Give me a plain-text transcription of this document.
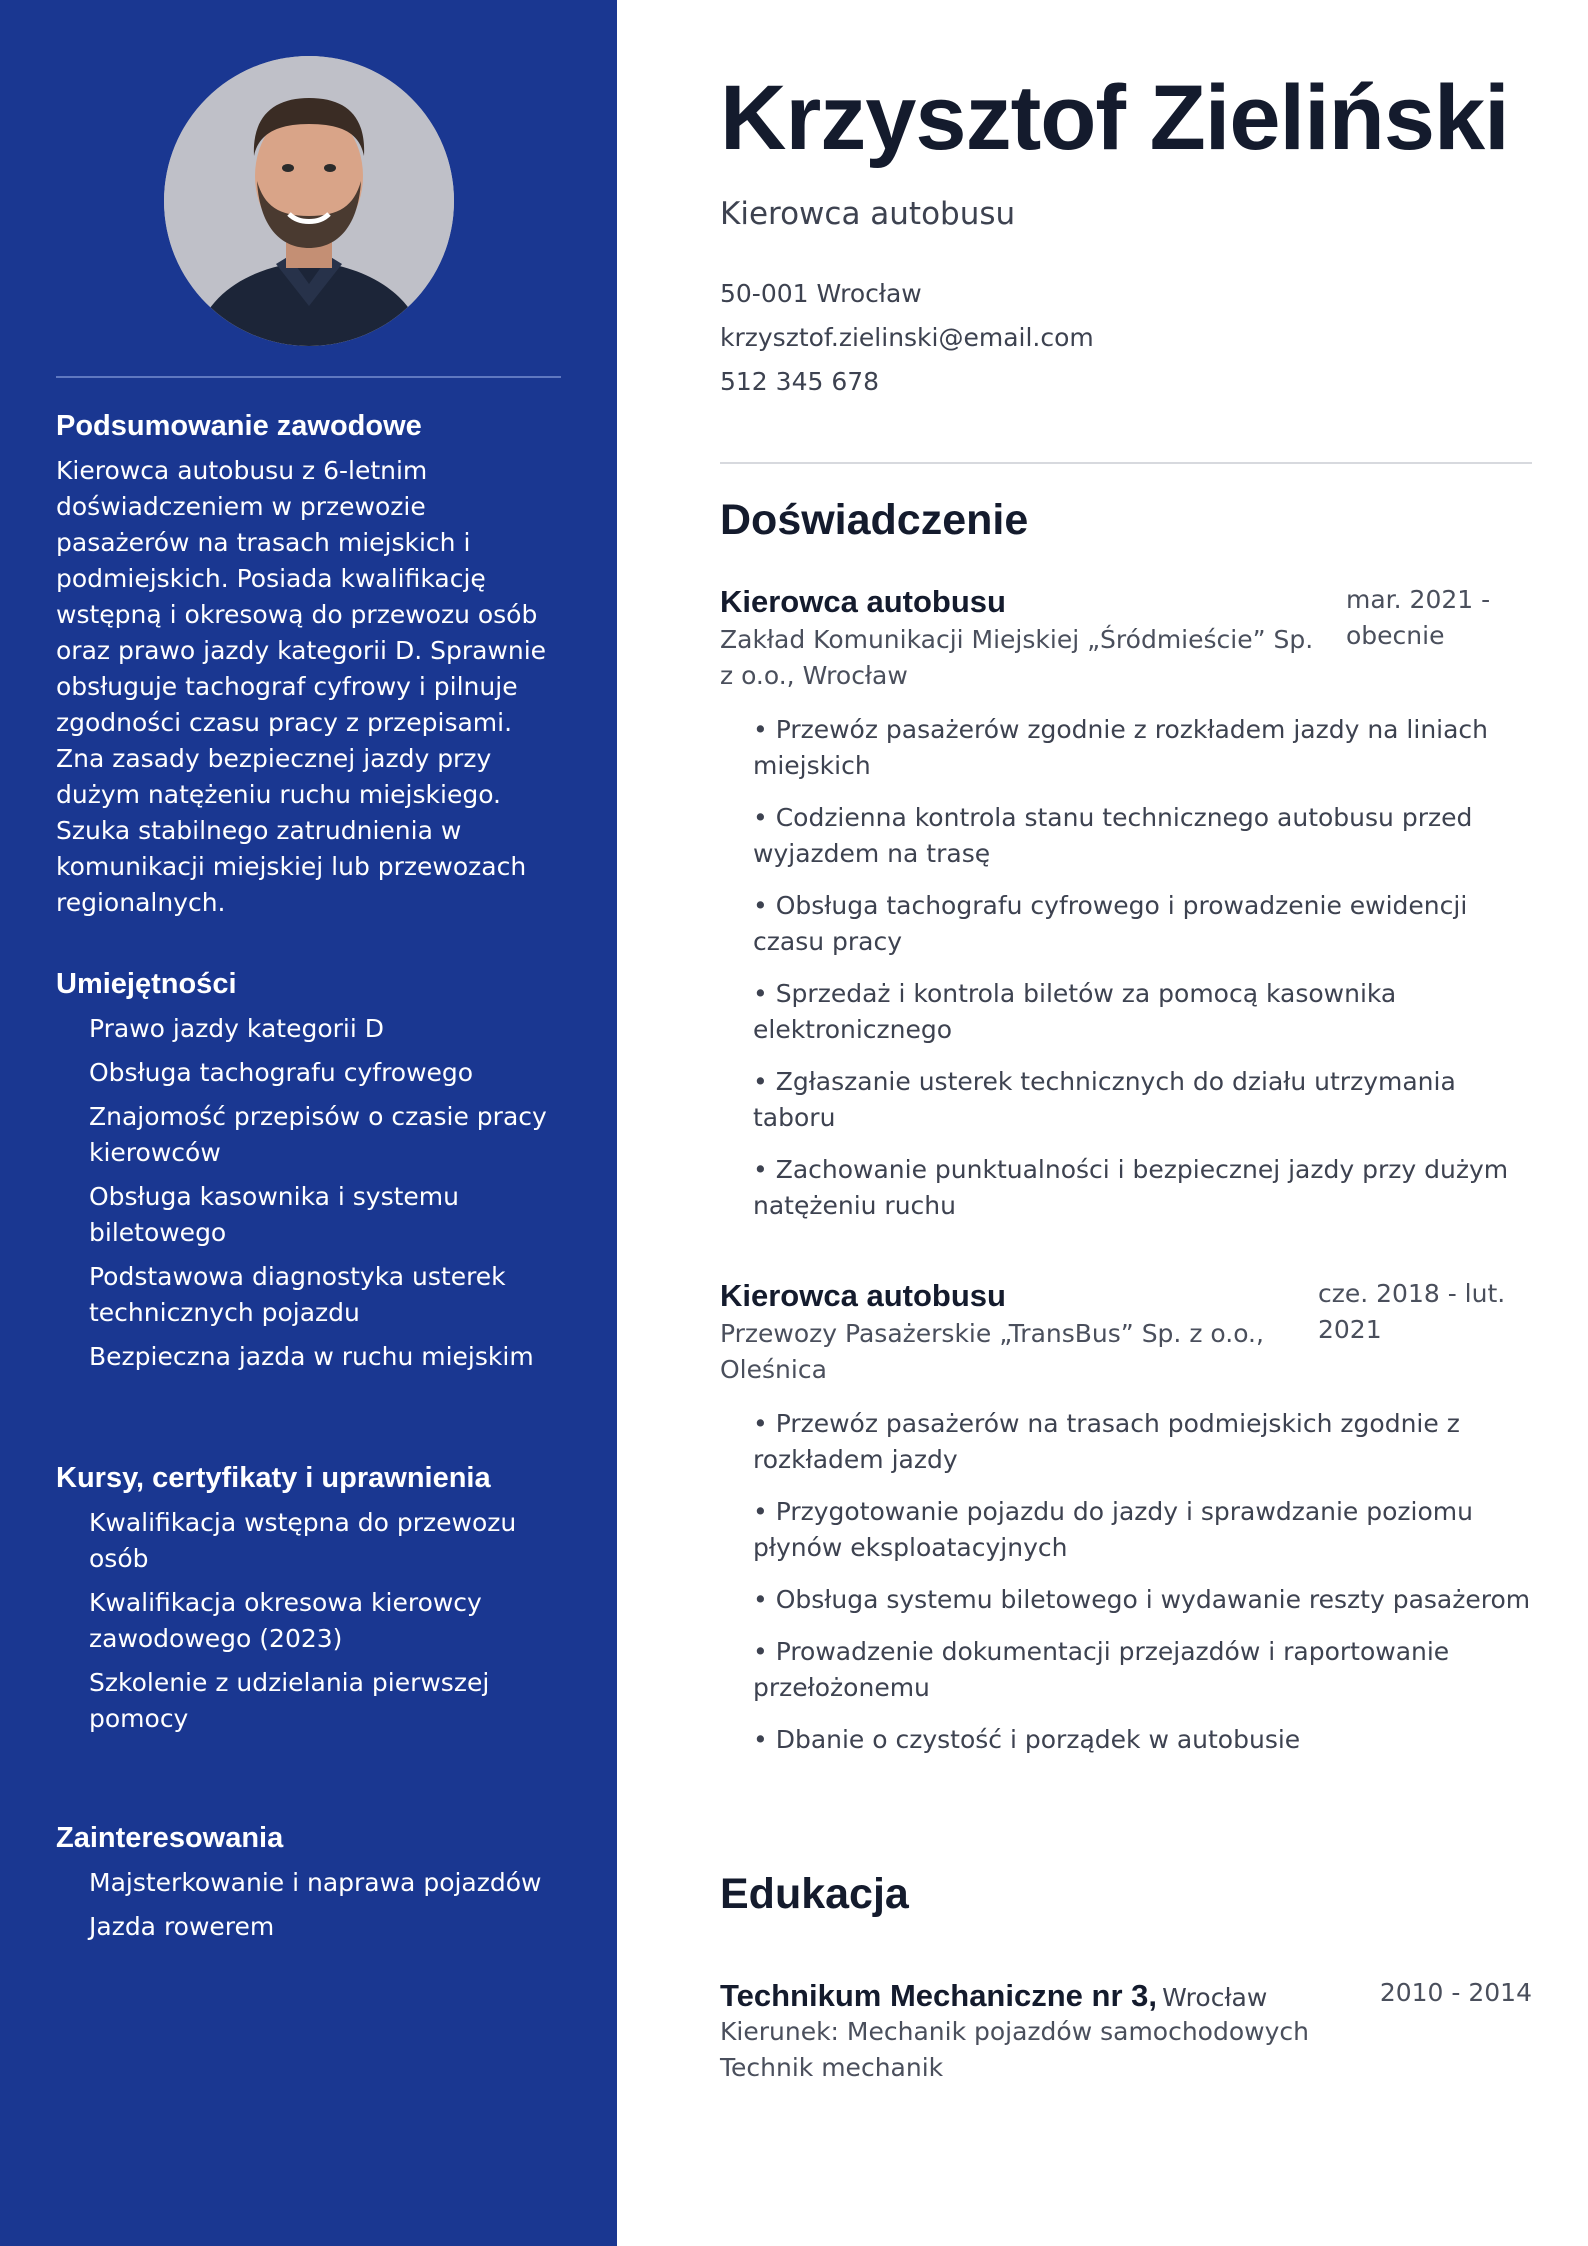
Podsumowanie zawodowe

Kierowca autobusu z 6-letnim doświadczeniem w przewozie pasażerów na trasach miejskich i podmiejskich. Posiada kwalifikację wstępną i okresową do przewozu osób oraz prawo jazdy kategorii D. Sprawnie obsługuje tachograf cyfrowy i pilnuje zgodności czasu pracy z przepisami. Zna zasady bezpiecznej jazdy przy dużym natężeniu ruchu miejskiego. Szuka stabilnego zatrudnienia w komunikacji miejskiej lub przewozach regionalnych.

Umiejętności
Prawo jazdy kategorii D
Obsługa tachografu cyfrowego
Znajomość przepisów o czasie pracy kierowców
Obsługa kasownika i systemu biletowego
Podstawowa diagnostyka usterek technicznych pojazdu
Bezpieczna jazda w ruchu miejskim
Kursy, certyfikaty i uprawnienia
Kwalifikacja wstępna do przewozu osób
Kwalifikacja okresowa kierowcy zawodowego (2023)
Szkolenie z udzielania pierwszej pomocy
Zainteresowania
Majsterkowanie i naprawa pojazdów
Jazda rowerem
Krzysztof Zieliński

Kierowca autobusu

50-001 Wrocław
krzysztof.zielinski@email.com
512 345 678
Doświadczenie

Kierowca autobusu

Zakład Komunikacji Miejskiej „Śródmieście” Sp. z o.o., Wrocław

mar. 2021 - obecnie
• Przewóz pasażerów zgodnie z rozkładem jazdy na liniach miejskich
• Codzienna kontrola stanu technicznego autobusu przed wyjazdem na trasę
• Obsługa tachografu cyfrowego i prowadzenie ewidencji czasu pracy
• Sprzedaż i kontrola biletów za pomocą kasownika elektronicznego
• Zgłaszanie usterek technicznych do działu utrzymania taboru
• Zachowanie punktualności i bezpiecznej jazdy przy dużym natężeniu ruchu

Kierowca autobusu

Przewozy Pasażerskie „TransBus” Sp. z o.o., Oleśnica

cze. 2018 - lut. 2021
• Przewóz pasażerów na trasach podmiejskich zgodnie z rozkładem jazdy
• Przygotowanie pojazdu do jazdy i sprawdzanie poziomu płynów eksploatacyjnych
• Obsługa systemu biletowego i wydawanie reszty pasażerom
• Prowadzenie dokumentacji przejazdów i raportowanie przełożonemu
• Dbanie o czystość i porządek w autobusie
Edukacja
Technikum Mechaniczne nr 3, Wrocław	2010 - 2014
Kierunek: Mechanik pojazdów samochodowych
Technik mechanik
